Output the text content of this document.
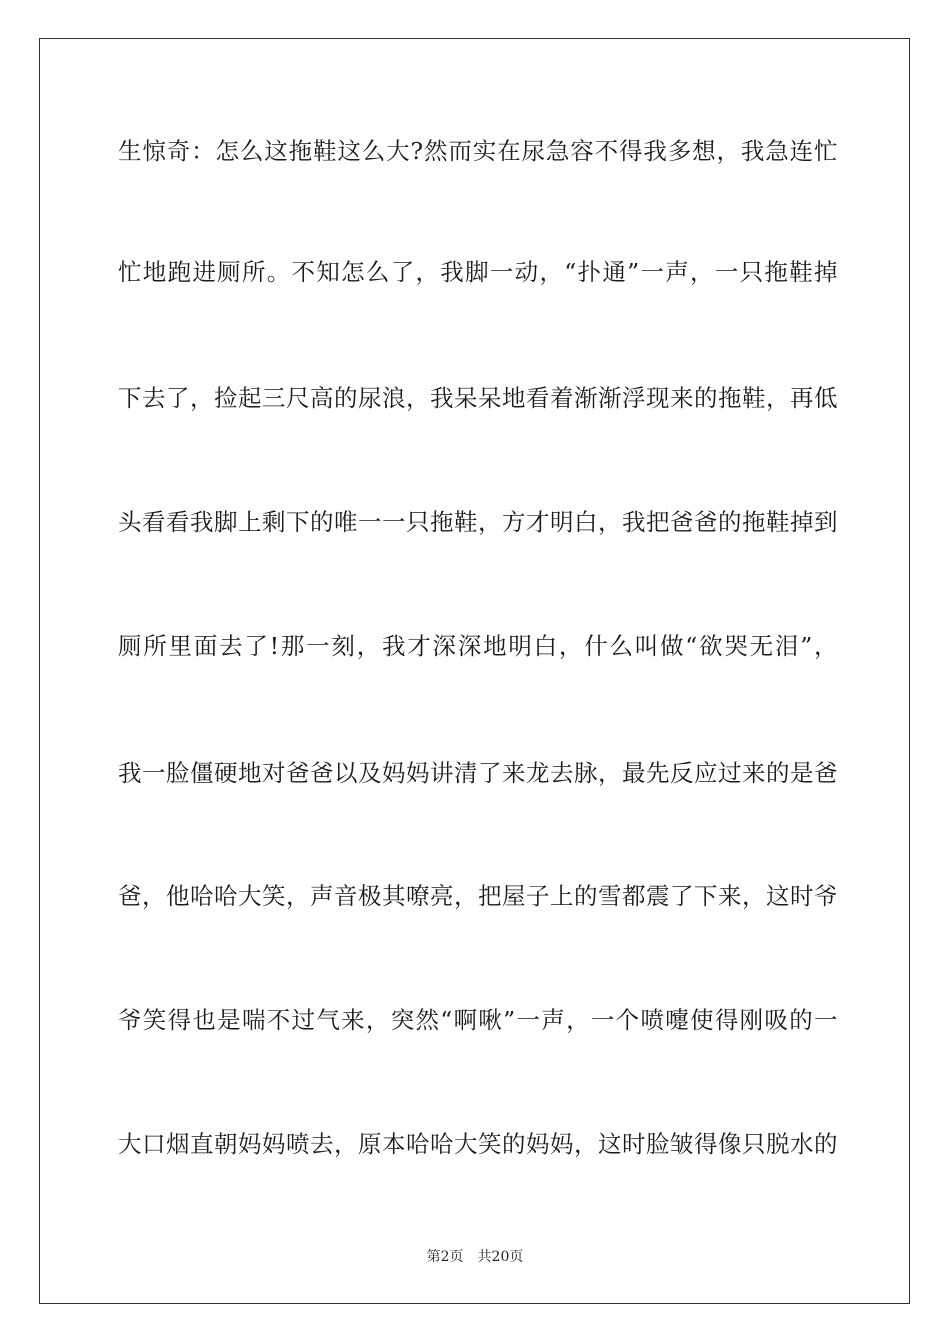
生惊奇：怎么这拖鞋这么大?然而实在尿急容不得我多想，我急连忙
忙地跑进厕所。不知怎么了，我脚一动，“扑通”一声，一只拖鞋掉
下去了，捡起三尺高的尿浪，我呆呆地看着渐渐浮现来的拖鞋，再低
头看看我脚上剩下的唯一一只拖鞋，方才明白，我把爸爸的拖鞋掉到
厕所里面去了!那一刻，我才深深地明白，什么叫做“欲哭无泪”，
我一脸僵硬地对爸爸以及妈妈讲清了来龙去脉，最先反应过来的是爸
爸，他哈哈大笑，声音极其嘹亮，把屋子上的雪都震了下来，这时爷
爷笑得也是喘不过气来，突然“啊啾”一声，一个喷嚏使得刚吸的一
大口烟直朝妈妈喷去，原本哈哈大笑的妈妈，这时脸皱得像只脱水的
第2页 共20页
